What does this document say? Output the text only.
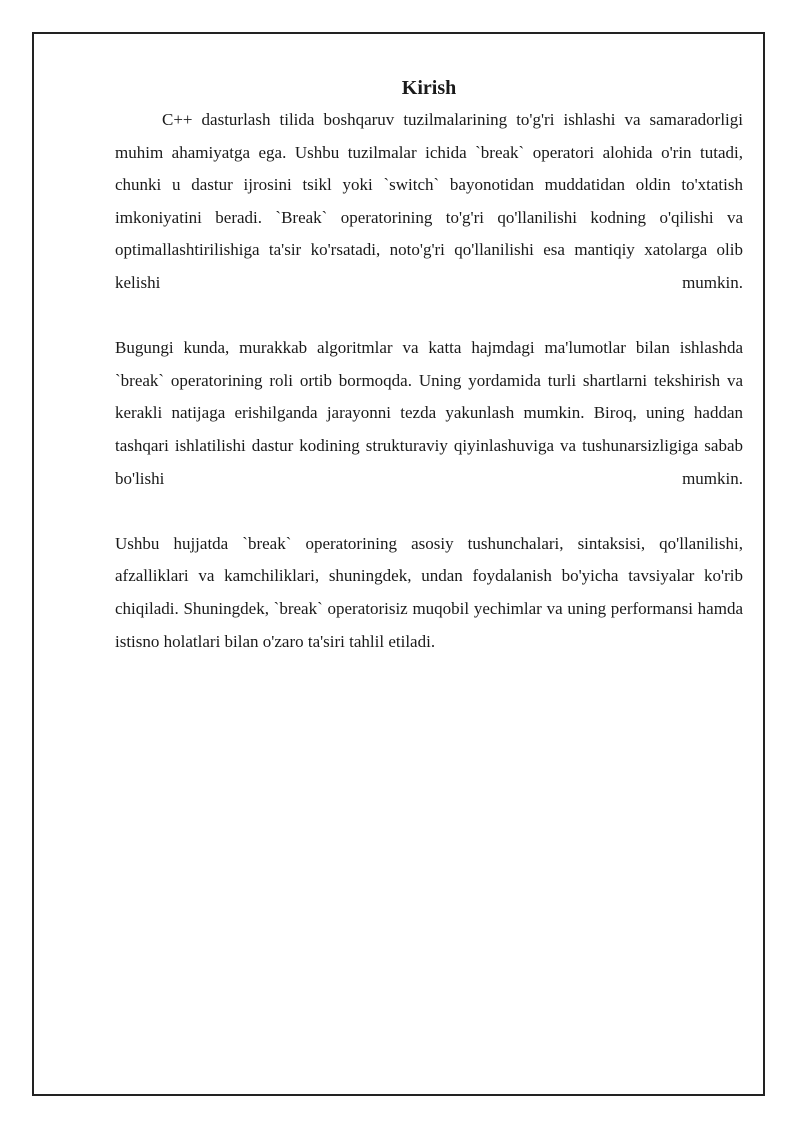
Kirish

C++ dasturlash tilida boshqaruv tuzilmalarining to'g'ri ishlashi va samaradorligi muhim ahamiyatga ega. Ushbu tuzilmalar ichida `break` operatori alohida o'rin tutadi, chunki u dastur ijrosini tsikl yoki `switch` bayonotidan muddatidan oldin to'xtatish imkoniyatini beradi. `Break` operatorining to'g'ri qo'llanilishi kodning o'qilishi va optimallashtirilishiga ta'sir ko'rsatadi, noto'g'ri qo'llanilishi esa mantiqiy xatolarga olib kelishi mumkin.

Bugungi kunda, murakkab algoritmlar va katta hajmdagi ma'lumotlar bilan ishlashda `break` operatorining roli ortib bormoqda. Uning yordamida turli shartlarni tekshirish va kerakli natijaga erishilganda jarayonni tezda yakunlash mumkin. Biroq, uning haddan tashqari ishlatilishi dastur kodining strukturaviy qiyinlashuviga va tushunarsizligiga sabab bo'lishi mumkin.

Ushbu hujjatda `break` operatorining asosiy tushunchalari, sintaksisi, qo'llanilishi, afzalliklari va kamchiliklari, shuningdek, undan foydalanish bo'yicha tavsiyalar ko'rib chiqiladi. Shuningdek, `break` operatorisiz muqobil yechimlar va uning performansi hamda istisno holatlari bilan o'zaro ta'siri tahlil etiladi.
